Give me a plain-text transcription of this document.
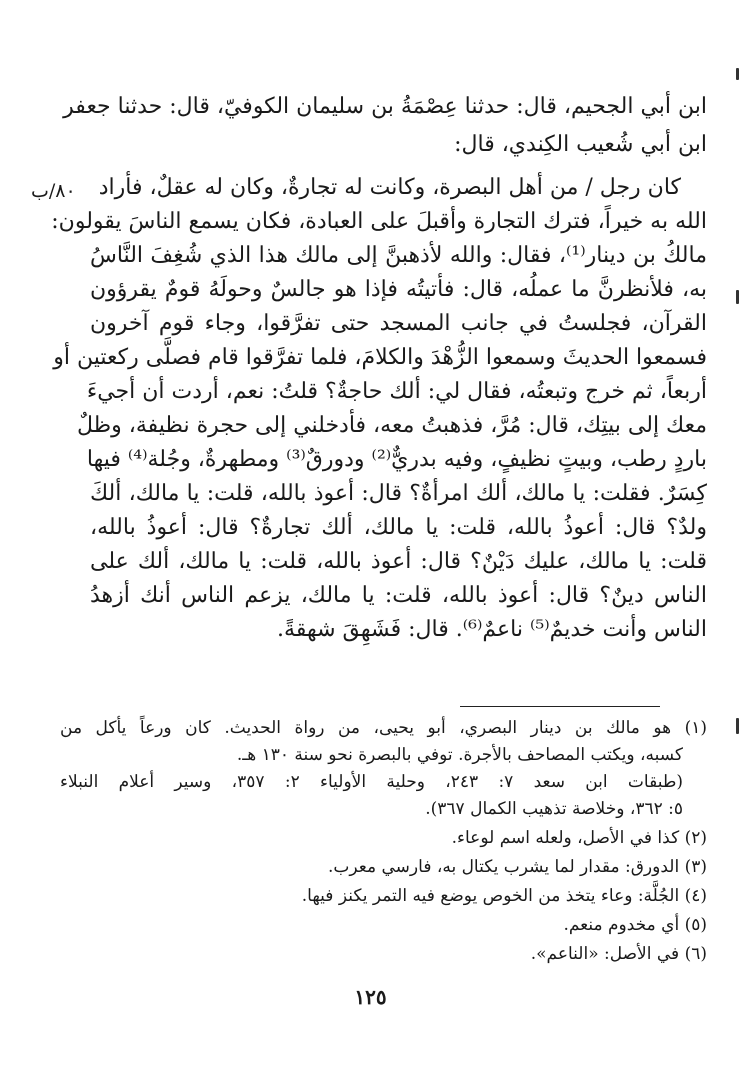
ابن أبي الجحيم، قال: حدثنا عِصْمَةُ بن سليمان الكوفيّ، قال: حدثنا جعفر
ابن أبي شُعيب الكِندي، قال:
كان رجل / من أهل البصرة، وكانت له تجارةٌ، وكان له عقلٌ، فأراد
الله به خيراً، فترك التجارة وأقبلَ على العبادة، فكان يسمع الناسَ يقولون:
مالكُ بن دينار⁽¹⁾، فقال: والله لأذهبنَّ إلى مالك هذا الذي شُغِفَ النَّاسُ
به، فلأنظرنَّ ما عملُه، قال: فأتيتُه فإذا هو جالسٌ وحولَهُ قومٌ يقرؤون
القرآن، فجلستُ في جانب المسجد حتى تفرَّقوا، وجاء قوم آخرون
فسمعوا الحديثَ وسمعوا الزُّهْدَ والكلامَ، فلما تفرَّقوا قام فصلَّى ركعتين أو
أربعاً، ثم خرج وتبعتُه، فقال لي: ألك حاجةٌ؟ قلتُ: نعم، أردت أن أجيءَ
معك إلى بيتِك، قال: مُرَّ، فذهبتُ معه، فأدخلني إلى حجرة نظيفة، وظلٌ
باردٍ رطب، وبيتٍ نظيفٍ، وفيه بدريٌّ⁽²⁾ ودورقٌ⁽³⁾ ومطهرةٌ، وجُلة⁽⁴⁾ فيها
كِسَرٌ. فقلت: يا مالك، ألك امرأةٌ؟ قال: أعوذ بالله، قلت: يا مالك، ألكَ
ولدٌ؟ قال: أعوذُ بالله، قلت: يا مالك، ألك تجارةٌ؟ قال: أعوذُ بالله،
قلت: يا مالك، عليك دَيْنٌ؟ قال: أعوذ بالله، قلت: يا مالك، ألك على
الناس دينٌ؟ قال: أعوذ بالله، قلت: يا مالك، يزعم الناس أنك أزهدُ
الناس وأنت خديمٌ⁽⁵⁾ ناعمٌ⁽⁶⁾. قال: فَشَهِقَ شهقةً.
٨٠/ب
(١) هو مالك بن دينار البصري، أبو يحيى، من رواة الحديث. كان ورعاً يأكل من
كسبه، ويكتب المصاحف بالأجرة. توفي بالبصرة نحو سنة ١٣٠ هـ.
(طبقات ابن سعد ٧: ٢٤٣، وحلية الأولياء ٢: ٣٥٧، وسير أعلام النبلاء
٥: ٣٦٢، وخلاصة تذهيب الكمال ٣٦٧).
(٢) كذا في الأصل، ولعله اسم لوعاء.
(٣) الدورق: مقدار لما يشرب يكتال به، فارسي معرب.
(٤) الجُلَّة: وعاء يتخذ من الخوص يوضع فيه التمر يكنز فيها.
(٥) أي مخدوم منعم.
(٦) في الأصل: «الناعم».
١٢٥
